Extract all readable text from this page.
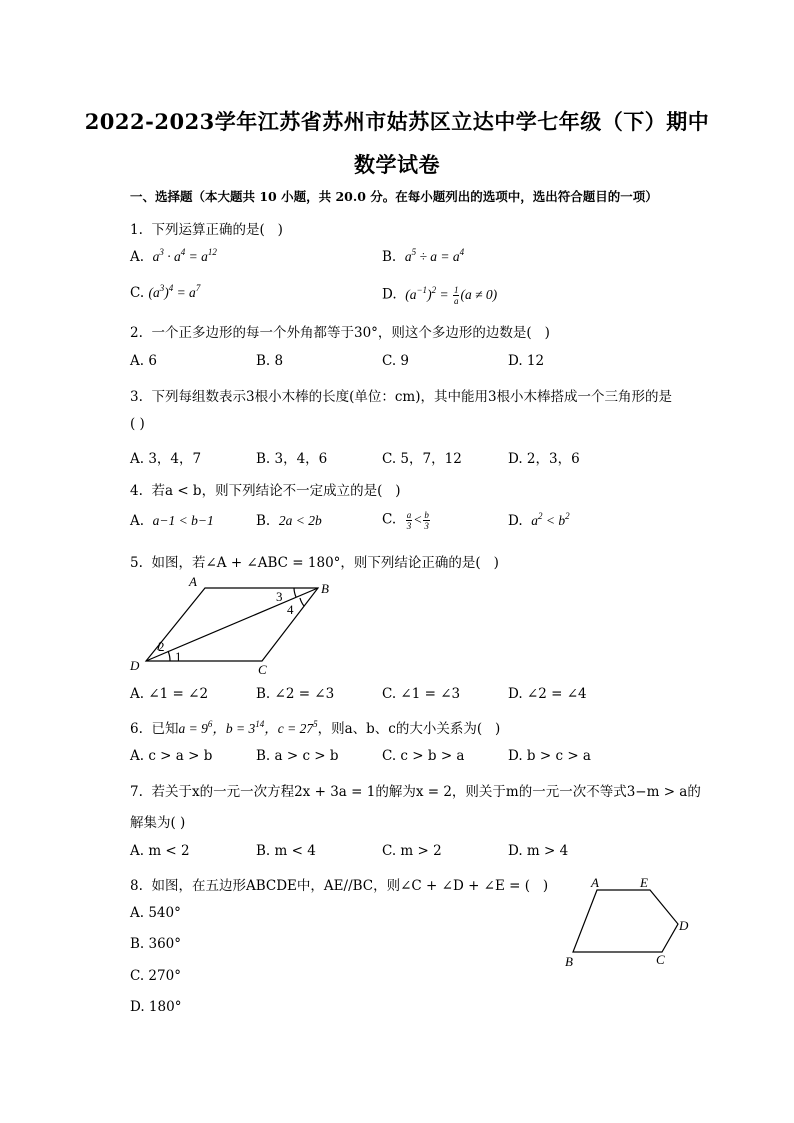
2022-2023学年江苏省苏州市姑苏区立达中学七年级（下）期中
数学试卷
一、选择题（本大题共 10 小题，共 20.0 分。在每小题列出的选项中，选出符合题目的一项）
1. 下列运算正确的是( )
A. $a^3 \cdot a^4 = a^{12}$	B. $a^5 \div a = a^4$
C. $(a^3)^4 = a^7$	D. $(a^{-1})^2 = \frac{1}{a} (a \ne 0)$
2. 一个正多边形的每一个外角都等于30°，则这个多边形的边数是( )
A. 6	B. 8	C. 9	D. 12
3. 下列每组数表示3根小木棒的长度(单位：cm)，其中能用3根小木棒搭成一个三角形的是
( )
A. 3，4，7	B. 3，4，6	C. 5，7，12	D. 2，3，6
4. 若a < b，则下列结论不一定成立的是( )
A. a−1 < b−1	B. 2a < 2b	C. $\frac{a}{3} < \frac{b}{3}$	D. $a^2 < b^2$
5. 如图，若∠A + ∠ABC = 180°，则下列结论正确的是( )
A	B
C
D
1
2
3
4
A. ∠1 = ∠2	B. ∠2 = ∠3	C. ∠1 = ∠3	D. ∠2 = ∠4
6. 已知$a = 9^6$，$b = 3^{14}$，$c = 27^5$，则a、b、c的大小关系为( )
A. c > a > b	B. a > c > b	C. c > b > a	D. b > c > a
7. 若关于x的一元一次方程2x + 3a = 1的解为x = 2，则关于m的一元一次不等式3−m > a的
解集为( )
A. m < 2	B. m < 4	C. m > 2	D. m > 4
8. 如图，在五边形ABCDE中，AE//BC，则∠C + ∠D + ∠E = ( )	A	E
D
B	C
A. 540°
B. 360°
C. 270°
D. 180°
